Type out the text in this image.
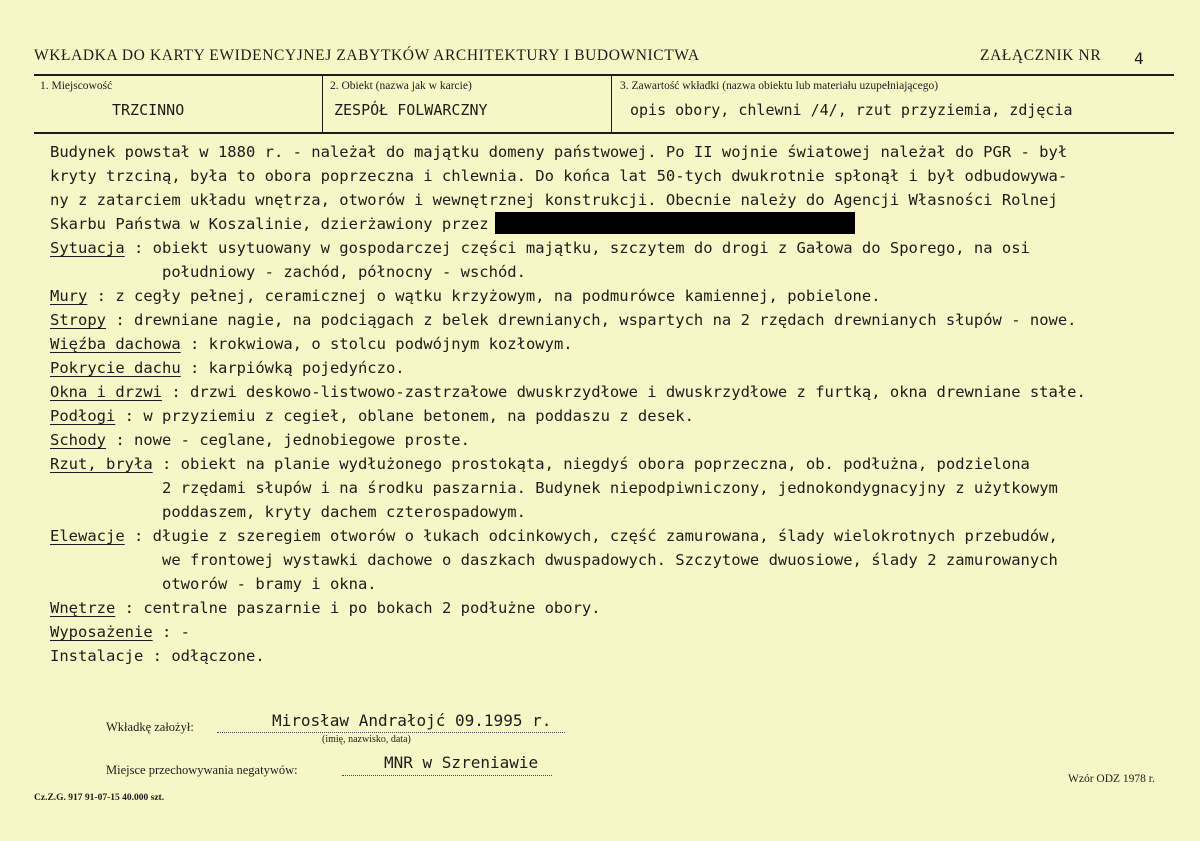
WKŁADKA DO KARTY EWIDENCYJNEJ ZABYTKÓW ARCHITEKTURY I BUDOWNICTWA	ZAŁĄCZNIK NR 4
1. Miejscowość
TRZCINNO
2. Obiekt (nazwa jak w karcie)
ZESPÓŁ FOLWARCZNY
3. Zawartość wkładki (nazwa obiektu lub materiału uzupełniającego)
opis obory, chlewni /4/, rzut przyziemia, zdjęcia
Budynek powstał w 1880 r. - należał do majątku domeny państwowej. Po II wojnie światowej należał do PGR - był
kryty trzciną, była to obora poprzeczna i chlewnia. Do końca lat 50-tych dwukrotnie spłonął i był odbudowywa-
ny z zatarciem układu wnętrza, otworów i wewnętrznej konstrukcji. Obecnie należy do Agencji Własności Rolnej
Skarbu Państwa w Koszalinie, dzierżawiony przez
Sytuacja : obiekt usytuowany w gospodarczej części majątku, szczytem do drogi z Gałowa do Sporego, na osi
południowy - zachód, północny - wschód.
Mury : z cegły pełnej, ceramicznej o wątku krzyżowym, na podmurówce kamiennej, pobielone.
Stropy : drewniane nagie, na podciągach z belek drewnianych, wspartych na 2 rzędach drewnianych słupów - nowe.
Więźba dachowa : krokwiowa, o stolcu podwójnym kozłowym.
Pokrycie dachu : karpiówką pojedyńczo.
Okna i drzwi : drzwi deskowo-listwowo-zastrzałowe dwuskrzydłowe i dwuskrzydłowe z furtką, okna drewniane stałe.
Podłogi : w przyziemiu z cegieł, oblane betonem, na poddaszu z desek.
Schody : nowe - ceglane, jednobiegowe proste.
Rzut, bryła : obiekt na planie wydłużonego prostokąta, niegdyś obora poprzeczna, ob. podłużna, podzielona
2 rzędami słupów i na środku paszarnia. Budynek niepodpiwniczony, jednokondygnacyjny z użytkowym
poddaszem, kryty dachem czterospadowym.
Elewacje : długie z szeregiem otworów o łukach odcinkowych, część zamurowana, ślady wielokrotnych przebudów,
we frontowej wystawki dachowe o daszkach dwuspadowych. Szczytowe dwuosiowe, ślady 2 zamurowanych
otworów - bramy i okna.
Wnętrze : centralne paszarnie i po bokach 2 podłużne obory.
Wyposażenie : -
Instalacje : odłączone.
Wkładkę założył:	Mirosław Andrałojć 09.1995 r.
(imię, nazwisko, data)
Miejsce przechowywania negatywów:	MNR w Szreniawie
Cz.Z.G. 917 91-07-15 40.000 szt.
Wzór ODZ 1978 r.
